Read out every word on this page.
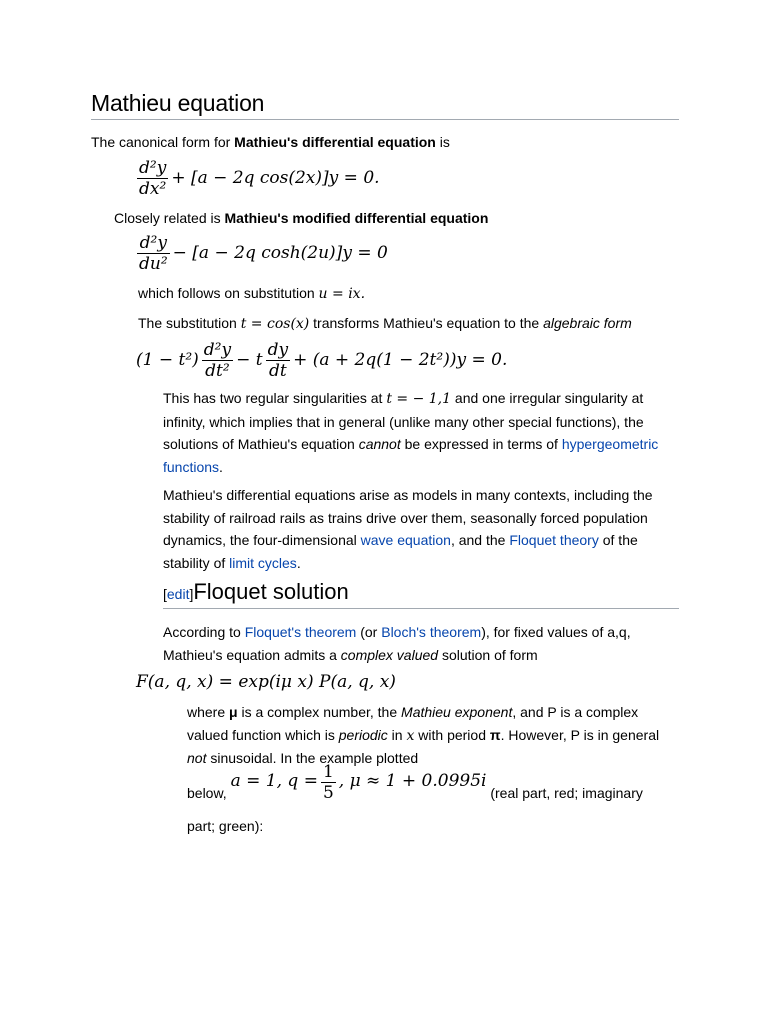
Mathieu equation
The canonical form for Mathieu's differential equation is
$\frac{\text{d²y}}{\text{dx²}} + [a - 2q$ cos(2x)]y = 0.
Closely related is Mathieu's modified differential equation
$\frac{\text{d²y}}{\text{du²}} - [a - 2q$ cosh(2u)]y = 0
which follows on substitution u = ix.
The substitution t = cos(x) transforms Mathieu's equation to the algebraic form
$(1 - t^2) \frac{\text{d²y}}{\text{dt²}} - t \frac{dy}{dt} + (a + 2q(1 - 2t^2))y = 0$.
This has two regular singularities at t = − 1,1 and one irregular singularity at infinity, which implies that in general (unlike many other special functions), the solutions of Mathieu's equation cannot be expressed in terms of hypergeometric functions.
Mathieu's differential equations arise as models in many contexts, including the stability of railroad rails as trains drive over them, seasonally forced population dynamics, the four-dimensional wave equation, and the Floquet theory of the stability of limit cycles.
[edit]Floquet solution
According to Floquet's theorem (or Bloch's theorem), for fixed values of a,q, Mathieu's equation admits a complex valued solution of form
F(a, q, x) = exp(iμ x) P(a, q, x)
where μ is a complex number, the Mathieu exponent, and P is a complex valued function which is periodic in x with period π. However, P is in general not sinusoidal. In the example plotted
below, a = 1, $q = \frac{1}{5}$ , μ ≈ 1 + 0.0995i (real part, red; imaginary
part; green):
